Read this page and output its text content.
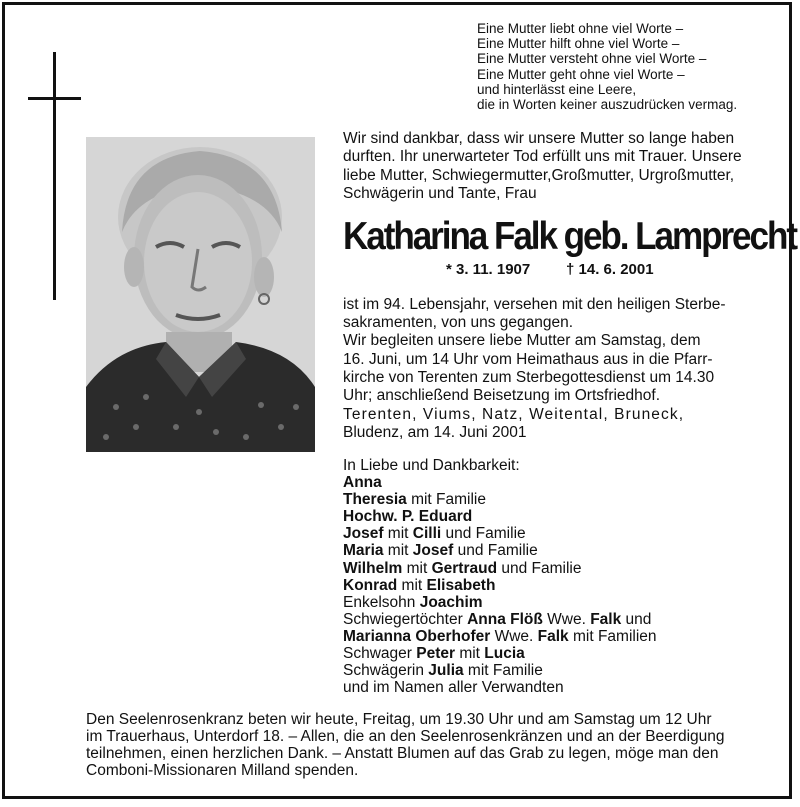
Eine Mutter liebt ohne viel Worte –
Eine Mutter hilft ohne viel Worte –
Eine Mutter versteht ohne viel Worte –
Eine Mutter geht ohne viel Worte –
und hinterlässt eine Leere,
die in Worten keiner auszudrücken vermag.
Wir sind dankbar, dass wir unsere Mutter so lange haben
durften. Ihr unerwarteter Tod erfüllt uns mit Trauer. Unsere
liebe Mutter, Schwiegermutter,Großmutter, Urgroßmutter,
Schwägerin und Tante, Frau
Katharina Falk geb. Lamprecht
* 3. 11. 1907 † 14. 6. 2001
ist im 94. Lebensjahr, versehen mit den heiligen Sterbe-
sakramenten, von uns gegangen.
Wir begleiten unsere liebe Mutter am Samstag, dem
16. Juni, um 14 Uhr vom Heimathaus aus in die Pfarr-
kirche von Terenten zum Sterbegottesdienst um 14.30
Uhr; anschließend Beisetzung im Ortsfriedhof.
Terenten, Viums, Natz, Weitental, Bruneck,
Bludenz, am 14. Juni 2001
In Liebe und Dankbarkeit:
Anna
Theresia mit Familie
Hochw. P. Eduard
Josef mit Cilli und Familie
Maria mit Josef und Familie
Wilhelm mit Gertraud und Familie
Konrad mit Elisabeth
Enkelsohn Joachim
Schwiegertöchter Anna Flöß Wwe. Falk und
Marianna Oberhofer Wwe. Falk mit Familien
Schwager Peter mit Lucia
Schwägerin Julia mit Familie
und im Namen aller Verwandten
Den Seelenrosenkranz beten wir heute, Freitag, um 19.30 Uhr und am Samstag um 12 Uhr
im Trauerhaus, Unterdorf 18. – Allen, die an den Seelenrosenkränzen und an der Beerdigung
teilnehmen, einen herzlichen Dank. – Anstatt Blumen auf das Grab zu legen, möge man den
Comboni-Missionaren Milland spenden.
